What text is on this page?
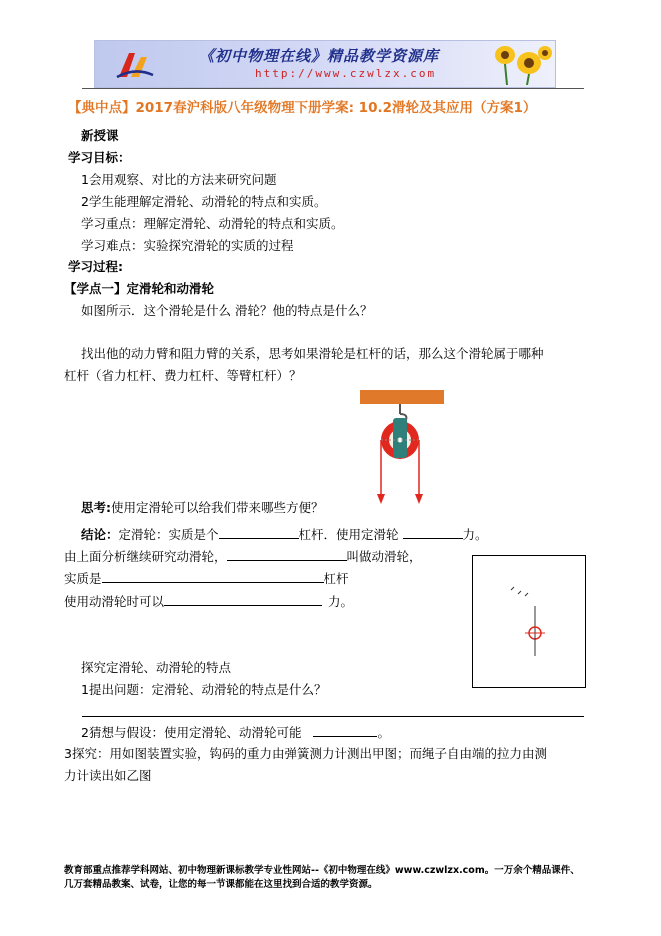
《初中物理在线》精品教学资源库
http://www.czwlzx.com
【典中点】2017春沪科版八年级物理下册学案: 10.2滑轮及其应用（方案1）
新授课
学习目标：
1会用观察、对比的方法来研究问题
2学生能理解定滑轮、动滑轮的特点和实质。
学习重点：理解定滑轮、动滑轮的特点和实质。
学习难点：实验探究滑轮的实质的过程
学习过程:
【学点一】定滑轮和动滑轮
如图所示．这个滑轮是什么 滑轮？他的特点是什么？
找出他的动力臂和阻力臂的关系，思考如果滑轮是杠杆的话，那么这个滑轮属于哪种
杠杆（省力杠杆、费力杠杆、等臂杠杆）？
思考:使用定滑轮可以给我们带来哪些方便？
结论：定滑轮：实质是个	杠杆．使用定滑轮	力。
由上面分析继续研究动滑轮，	叫做动滑轮，
实质是	杠杆
使用动滑轮时可以	力。
探究定滑轮、动滑轮的特点
1提出问题：定滑轮、动滑轮的特点是什么？
2猜想与假设：使用定滑轮、动滑轮可能	。
3探究：用如图装置实验，钩码的重力由弹簧测力计测出甲图；而绳子自由端的拉力由测
力计读出如乙图
教育部重点推荐学科网站、初中物理新课标教学专业性网站--《初中物理在线》www.czwlzx.com。一万余个精品课件、
几万套精品教案、试卷，让您的每一节课都能在这里找到合适的教学资源。
